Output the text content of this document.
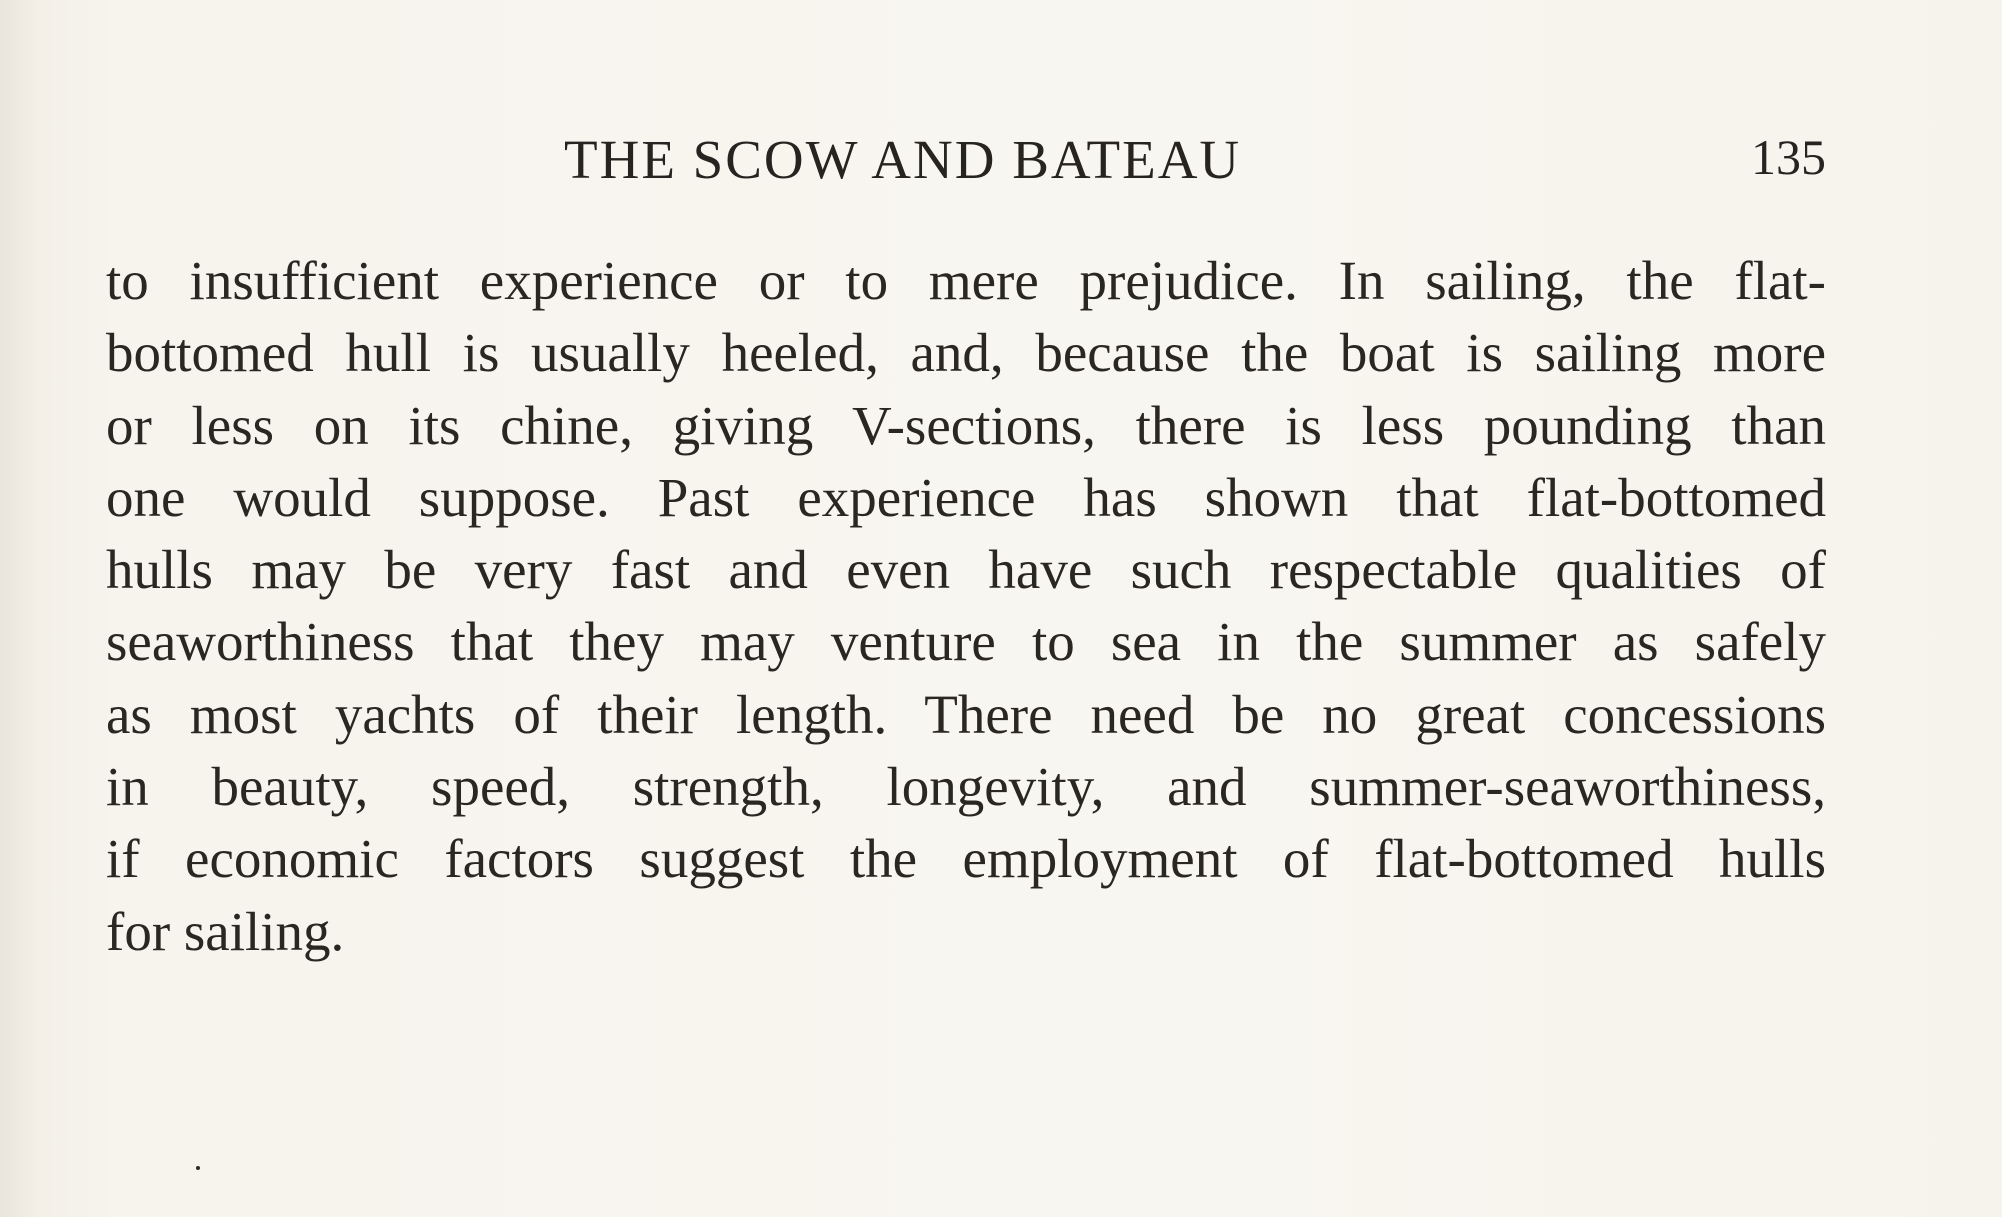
THE SCOW AND BATEAU	135
to insufficient experience or to mere prejudice. In sailing, the flat-
bottomed hull is usually heeled, and, because the boat is sailing more
or less on its chine, giving V-sections, there is less pounding than
one would suppose. Past experience has shown that flat-bottomed
hulls may be very fast and even have such respectable qualities of
seaworthiness that they may venture to sea in the summer as safely
as most yachts of their length. There need be no great concessions
in beauty, speed, strength, longevity, and summer-seaworthiness,
if economic factors suggest the employment of flat-bottomed hulls
for sailing.
